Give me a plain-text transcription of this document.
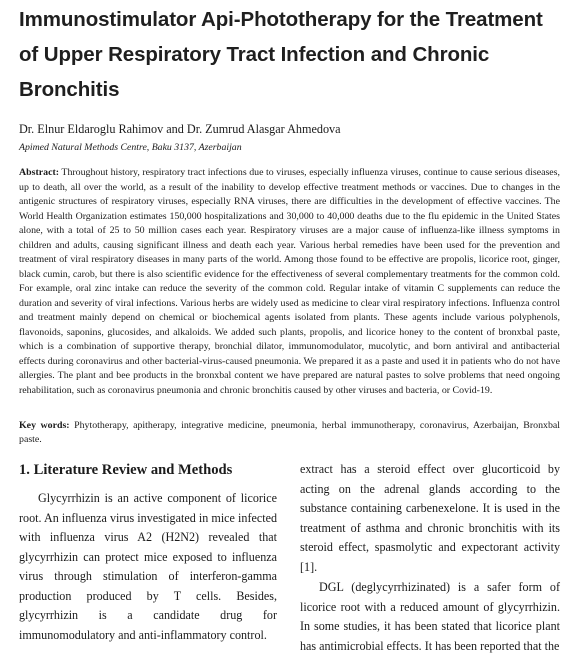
Immunostimulator Api-Phototherapy for the Treatment of Upper Respiratory Tract Infection and Chronic Bronchitis

Dr. Elnur Eldaroglu Rahimov and Dr. Zumrud Alasgar Ahmedova

Apimed Natural Methods Centre, Baku 3137, Azerbaijan

Abstract: Throughout history, respiratory tract infections due to viruses, especially influenza viruses, continue to cause serious diseases, up to death, all over the world, as a result of the inability to develop effective treatment methods or vaccines. Due to changes in the antigenic structures of respiratory viruses, especially RNA viruses, there are difficulties in the development of effective vaccines. The World Health Organization estimates 150,000 hospitalizations and 30,000 to 40,000 deaths due to the flu epidemic in the United States alone, with a total of 25 to 50 million cases each year. Respiratory viruses are a major cause of influenza-like illness symptoms in children and adults, causing significant illness and death each year. Various herbal remedies have been used for the prevention and treatment of viral respiratory diseases in many parts of the world. Among those found to be effective are propolis, licorice root, ginger, black cumin, carob, but there is also scientific evidence for the effectiveness of several complementary treatments for the common cold. For example, oral zinc intake can reduce the severity of the common cold. Regular intake of vitamin C supplements can reduce the duration and severity of viral infections. Various herbs are widely used as medicine to clear viral respiratory infections. Influenza control and treatment mainly depend on chemical or biochemical agents isolated from plants. These agents include various polyphenols, flavonoids, saponins, glucosides, and alkaloids. We added such plants, propolis, and licorice honey to the content of bronxbal paste, which is a combination of supportive therapy, bronchial dilator, immunomodulator, mucolytic, and born antiviral and antibacterial effects during coronavirus and other bacterial-virus-caused pneumonia. We prepared it as a paste and used it in patients who do not have allergies. The plant and bee products in the bronxbal content we have prepared are natural pastes to solve problems that need ongoing rehabilitation, such as coronavirus pneumonia and chronic bronchitis caused by other viruses and bacteria, or Covid-19.

Key words: Phytotherapy, apitherapy, integrative medicine, pneumonia, herbal immunotherapy, coronavirus, Azerbaijan, Bronxbal paste.

1. Literature Review and Methods

Glycyrrhizin is an active component of licorice root. An influenza virus investigated in mice infected with influenza virus A2 (H2N2) revealed that glycyrrhizin can protect mice exposed to influenza virus through stimulation of interferon-gamma production produced by T cells. Besides, glycyrrhizin is a candidate drug for immunomodulatory and anti-inflammatory control.

extract has a steroid effect over glucorticoid by acting on the adrenal glands according to the substance containing carbenexelone. It is used in the treatment of asthma and chronic bronchitis with its steroid effect, spasmolytic and expectorant activity [1].

DGL (deglycyrrhizinated) is a safer form of licorice root with a reduced amount of glycyrrhizin. In some studies, it has been stated that licorice plant has antimicrobial effects. It has been reported that the
